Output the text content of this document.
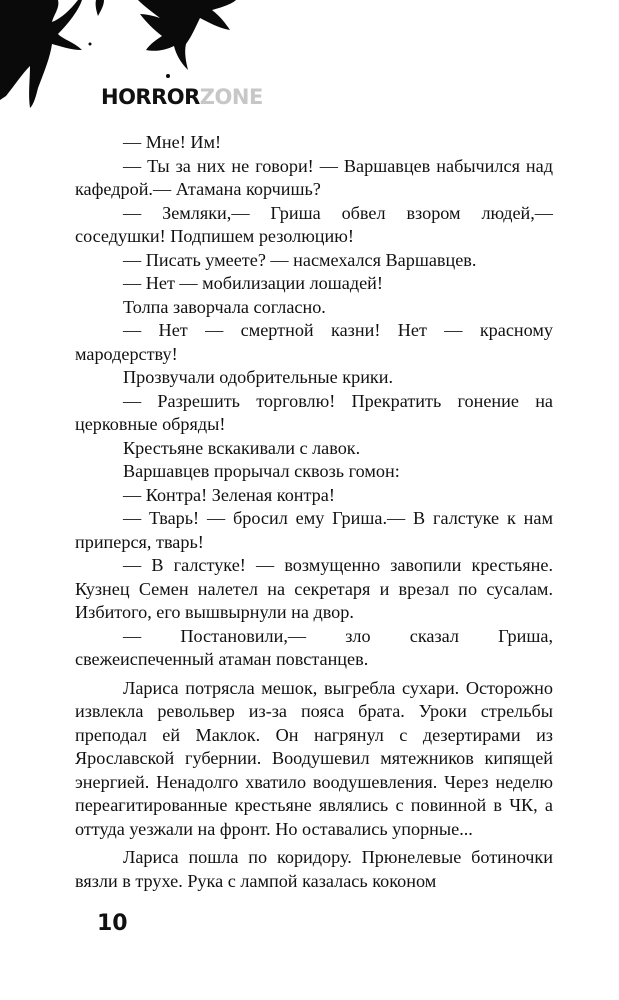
HORRORZONE

— Мне! Им!

— Ты за них не говори! — Варшавцев набычился над кафедрой.— Атамана корчишь?

— Земляки,— Гриша обвел взором людей,— соседушки! Подпишем резолюцию!

— Писать умеете? — насмехался Варшавцев.

— Нет — мобилизации лошадей!

Толпа заворчала согласно.

— Нет — смертной казни! Нет — красному мародерству!

Прозвучали одобрительные крики.

— Разрешить торговлю! Прекратить гонение на церковные обряды!

Крестьяне вскакивали с лавок.

Варшавцев прорычал сквозь гомон:

— Контра! Зеленая контра!

— Тварь! — бросил ему Гриша.— В галстуке к нам приперся, тварь!

— В галстуке! — возмущенно завопили крестьяне. Кузнец Семен налетел на секретаря и врезал по сусалам. Избитого, его вышвырнули на двор.

— Постановили,— зло сказал Гриша, свежеиспеченный атаман повстанцев.

Лариса потрясла мешок, выгребла сухари. Осторожно извлекла револьвер из-за пояса брата. Уроки стрельбы преподал ей Маклок. Он нагрянул с дезертирами из Ярославской губернии. Воодушевил мятежников кипящей энергией. Ненадолго хватило воодушевления. Через неделю переагитированные крестьяне являлись с повинной в ЧК, а оттуда уезжали на фронт. Но оставались упорные...

Лариса пошла по коридору. Прюнелевые ботиночки вязли в трухе. Рука с лампой казалась коконом

10
